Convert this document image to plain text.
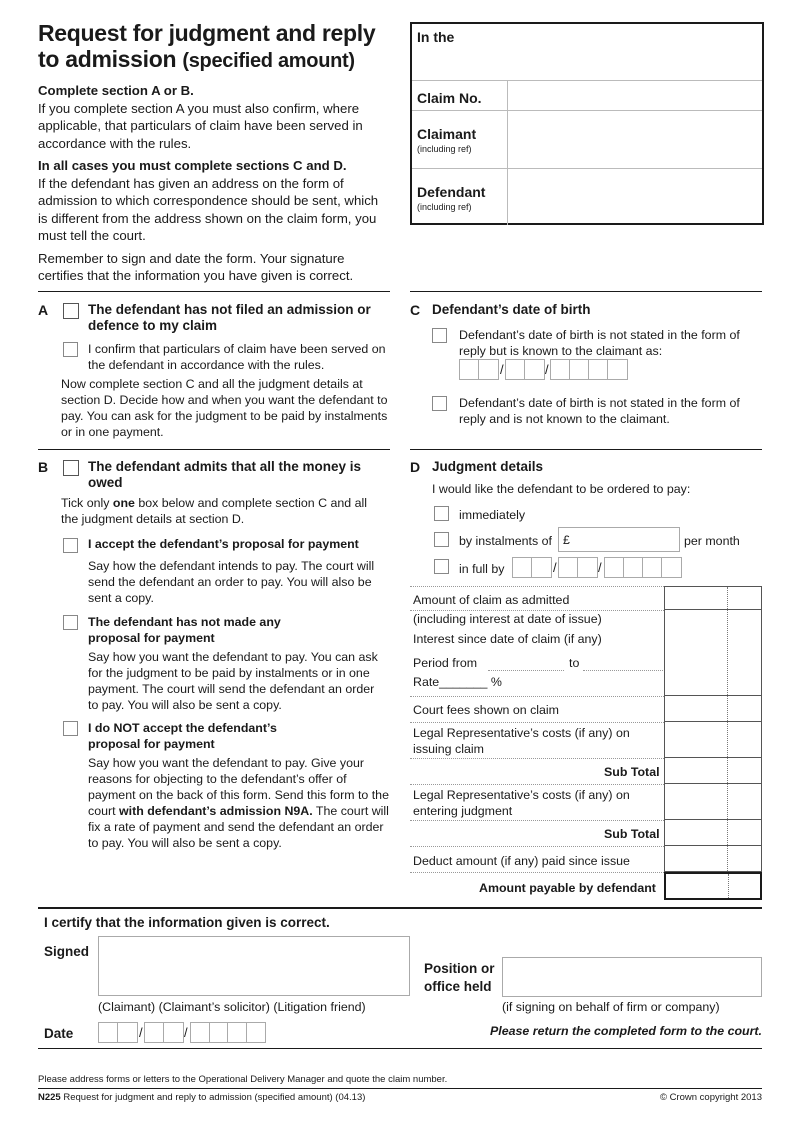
Request for judgment and reply to admission (specified amount)

Complete section A or B.
If you complete section A you must also confirm, where applicable, that particulars of claim have been served in accordance with the rules.

In all cases you must complete sections C and D.
If the defendant has given an address on the form of admission to which correspondence should be sent, which is different from the address shown on the claim form, you must tell the court.

Remember to sign and date the form. Your signature certifies that the information you have given is correct.

In the
Claim No.
Claimant
(including ref)
Defendant
(including ref)
A	The defendant has not filed an admission or defence to my claim
I confirm that particulars of claim have been served on the defendant in accordance with the rules.
Now complete section C and all the judgment details at section D. Decide how and when you want the defendant to pay. You can ask for the judgment to be paid by instalments or in one payment.
B	The defendant admits that all the money is owed
Tick only one box below and complete section C and all the judgment details at section D.
I accept the defendant’s proposal for payment
Say how the defendant intends to pay. The court will send the defendant an order to pay. You will also be sent a copy.
The defendant has not made any proposal for payment
Say how you want the defendant to pay. You can ask for the judgment to be paid by instalments or in one payment. The court will send the defendant an order to pay. You will also be sent a copy.
I do NOT accept the defendant’s proposal for payment
Say how you want the defendant to pay. Give your reasons for objecting to the defendant’s offer of payment on the back of this form. Send this form to the court with defendant’s admission N9A. The court will fix a rate of payment and send the defendant an order to pay. You will also be sent a copy.
C Defendant’s date of birth
Defendant’s date of birth is not stated in the form of reply but is known to the claimant as:
/	/
Defendant’s date of birth is not stated in the form of reply and is not known to the claimant.
D Judgment details
I would like the defendant to be ordered to pay:
immediately
by instalments of £	per month
in full by	/	/
Amount of claim as admitted
(including interest at date of issue)
Interest since date of claim (if any)
Period from	to
Rate_______ %
Court fees shown on claim
Legal Representative’s costs (if any) on issuing claim
Sub Total
Legal Representative’s costs (if any) on entering judgment
Sub Total
Deduct amount (if any) paid since issue
Amount payable by defendant
I certify that the information given is correct.
Signed
(Claimant) (Claimant’s solicitor) (Litigation friend)
Position or
office held
(if signing on behalf of firm or company)
Date	/	/	Please return the completed form to the court.
Please address forms or letters to the Operational Delivery Manager and quote the claim number.
N225 Request for judgment and reply to admission (specified amount) (04.13)	© Crown copyright 2013
